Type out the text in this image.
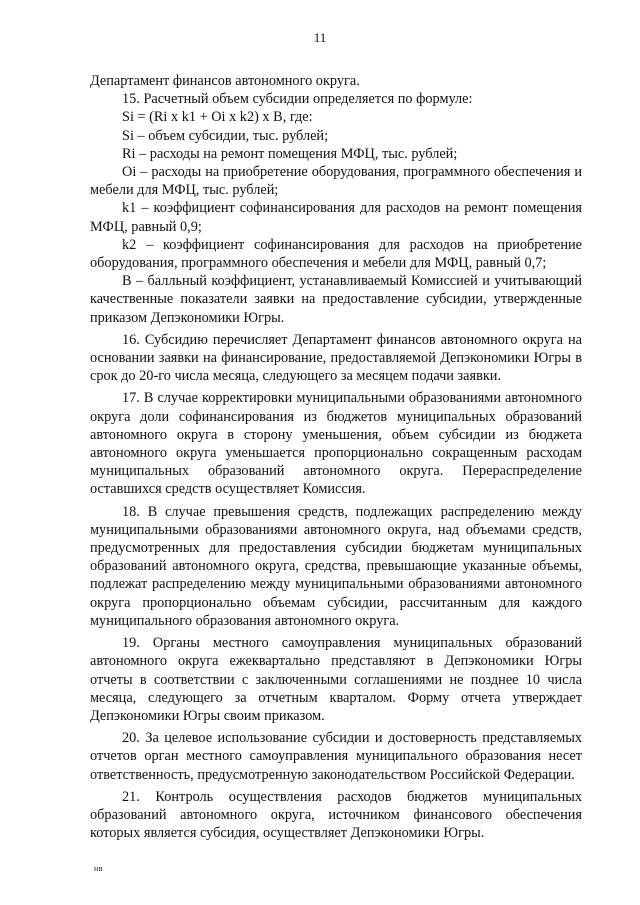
11

Департамент финансов автономного округа.

15. Расчетный объем субсидии определяется по формуле:

Si = (Ri x k1 + Oi x k2) x B, где:

Si – объем субсидии, тыс. рублей;

Ri – расходы на ремонт помещения МФЦ, тыс. рублей;

Oi – расходы на приобретение оборудования, программного обеспечения и мебели для МФЦ, тыс. рублей;

k1 – коэффициент софинансирования для расходов на ремонт помещения МФЦ, равный 0,9;

k2 – коэффициент софинансирования для расходов на приобретение оборудования, программного обеспечения и мебели для МФЦ, равный 0,7;

B – балльный коэффициент, устанавливаемый Комиссией и учитывающий качественные показатели заявки на предоставление субсидии, утвержденные приказом Депэкономики Югры.

16. Субсидию перечисляет Департамент финансов автономного округа на основании заявки на финансирование, предоставляемой Депэкономики Югры в срок до 20-го числа месяца, следующего за месяцем подачи заявки.

17. В случае корректировки муниципальными образованиями автономного округа доли софинансирования из бюджетов муниципальных образований автономного округа в сторону уменьшения, объем субсидии из бюджета автономного округа уменьшается пропорционально сокращенным расходам муниципальных образований автономного округа. Перераспределение оставшихся средств осуществляет Комиссия.

18. В случае превышения средств, подлежащих распределению между муниципальными образованиями автономного округа, над объемами средств, предусмотренных для предоставления субсидии бюджетам муниципальных образований автономного округа, средства, превышающие указанные объемы, подлежат распределению между муниципальными образованиями автономного округа пропорционально объемам субсидии, рассчитанным для каждого муниципального образования автономного округа.

19. Органы местного самоуправления муниципальных образований автономного округа ежеквартально представляют в Депэкономики Югры отчеты в соответствии с заключенными соглашениями не позднее 10 числа месяца, следующего за отчетным кварталом. Форму отчета утверждает Депэкономики Югры своим приказом.

20. За целевое использование субсидии и достоверность представляемых отчетов орган местного самоуправления муниципального образования несет ответственность, предусмотренную законодательством Российской Федерации.

21. Контроль осуществления расходов бюджетов муниципальных образований автономного округа, источником финансового обеспечения которых является субсидия, осуществляет Депэкономики Югры.

нв
